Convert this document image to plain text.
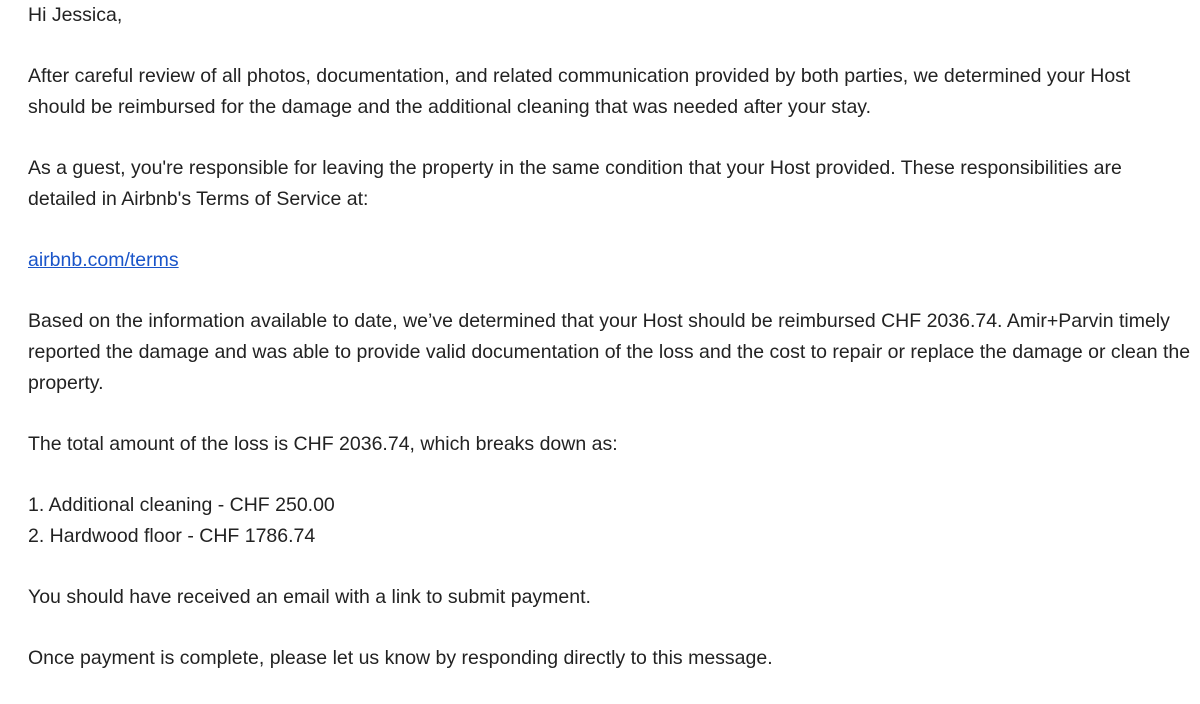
Hi Jessica,

After careful review of all photos, documentation, and related communication provided by both parties, we determined your Host should be reimbursed for the damage and the additional cleaning that was needed after your stay.

As a guest, you're responsible for leaving the property in the same condition that your Host provided. These responsibilities are detailed in Airbnb's Terms of Service at:

airbnb.com/terms

Based on the information available to date, we’ve determined that your Host should be reimbursed CHF 2036.74. Amir+Parvin timely reported the damage and was able to provide valid documentation of the loss and the cost to repair or replace the damage or clean the property.

The total amount of the loss is CHF 2036.74, which breaks down as:

1. Additional cleaning - CHF 250.00
2. Hardwood floor - CHF 1786.74

You should have received an email with a link to submit payment.

Once payment is complete, please let us know by responding directly to this message.
